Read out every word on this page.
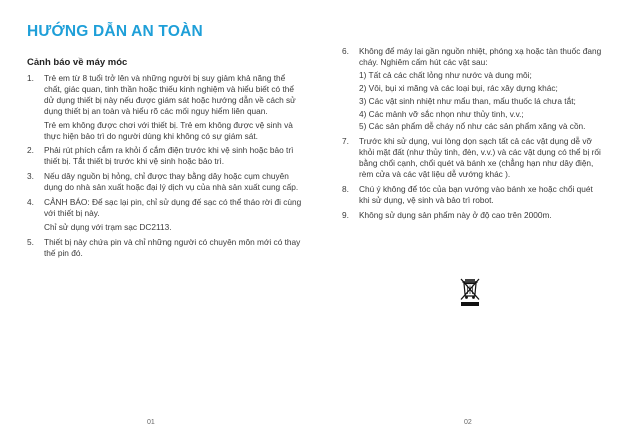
HƯỚNG DẪN AN TOÀN
Cảnh báo về máy móc
1. Trẻ em từ 8 tuổi trở lên và những người bị suy giảm khả năng thể chất, giác quan, tinh thần hoặc thiếu kinh nghiệm và hiểu biết có thể dử dụng thiết bị này nếu được giám sát hoặc hướng dẫn về cách sử dụng thiết bị an toàn và hiểu rõ các mối nguy hiểm liên quan.

Trẻ em không được chơi với thiết bị. Trẻ em không được vệ sinh và thực hiện bảo trì do người dùng khi không có sự giám sát.

2. Phải rút phích cắm ra khỏi ổ cắm điện trước khi vệ sinh hoặc bảo trì thiết bị. Tắt thiết bị trước khi vệ sinh hoặc bảo trì.

3. Nếu dây nguồn bị hỏng, chỉ được thay bằng dây hoặc cụm chuyên dụng do nhà sản xuất hoặc đại lý dịch vụ của nhà sản xuất cung cấp.

4. CẢNH BÁO: Để sạc lại pin, chỉ sử dụng đế sạc có thể tháo rời đi cùng với thiết bị này.

Chỉ sử dụng với trạm sạc DC2113.

5. Thiết bị này chứa pin và chỉ những người có chuyên môn mới có thay thế pin đó.

6. Không để máy lại gần nguồn nhiệt, phóng xạ hoặc tàn thuốc đang cháy. Nghiêm cấm hút các vật sau:

1) Tất cả các chất lỏng như nước và dung môi;
2) Vôi, bụi xi măng và các loại bụi, rác xây dựng khác;
3) Các vật sinh nhiệt như mẩu than, mẩu thuốc lá chưa tắt;
4) Các mảnh vỡ sắc nhọn như thủy tinh, v.v.;
5) Các sản phẩm dễ cháy nổ như các sản phẩm xăng và cồn.
7. Trước khi sử dụng, vui lòng dọn sạch tất cả các vật dụng dễ vỡ khỏi mặt đất (như thủy tinh, đèn, v.v.) và các vật dụng có thể bị rối bằng chổi cạnh, chổi quét và bánh xe (chẳng hạn như dây điện, rèm cửa và các vật liệu dễ vướng khác ).

8. Chú ý không để tóc của bạn vướng vào bánh xe hoặc chổi quét khi sử dụng, vệ sinh và bảo trì robot.

9. Không sử dụng sản phẩm này ở độ cao trên 2000m.

01	02
